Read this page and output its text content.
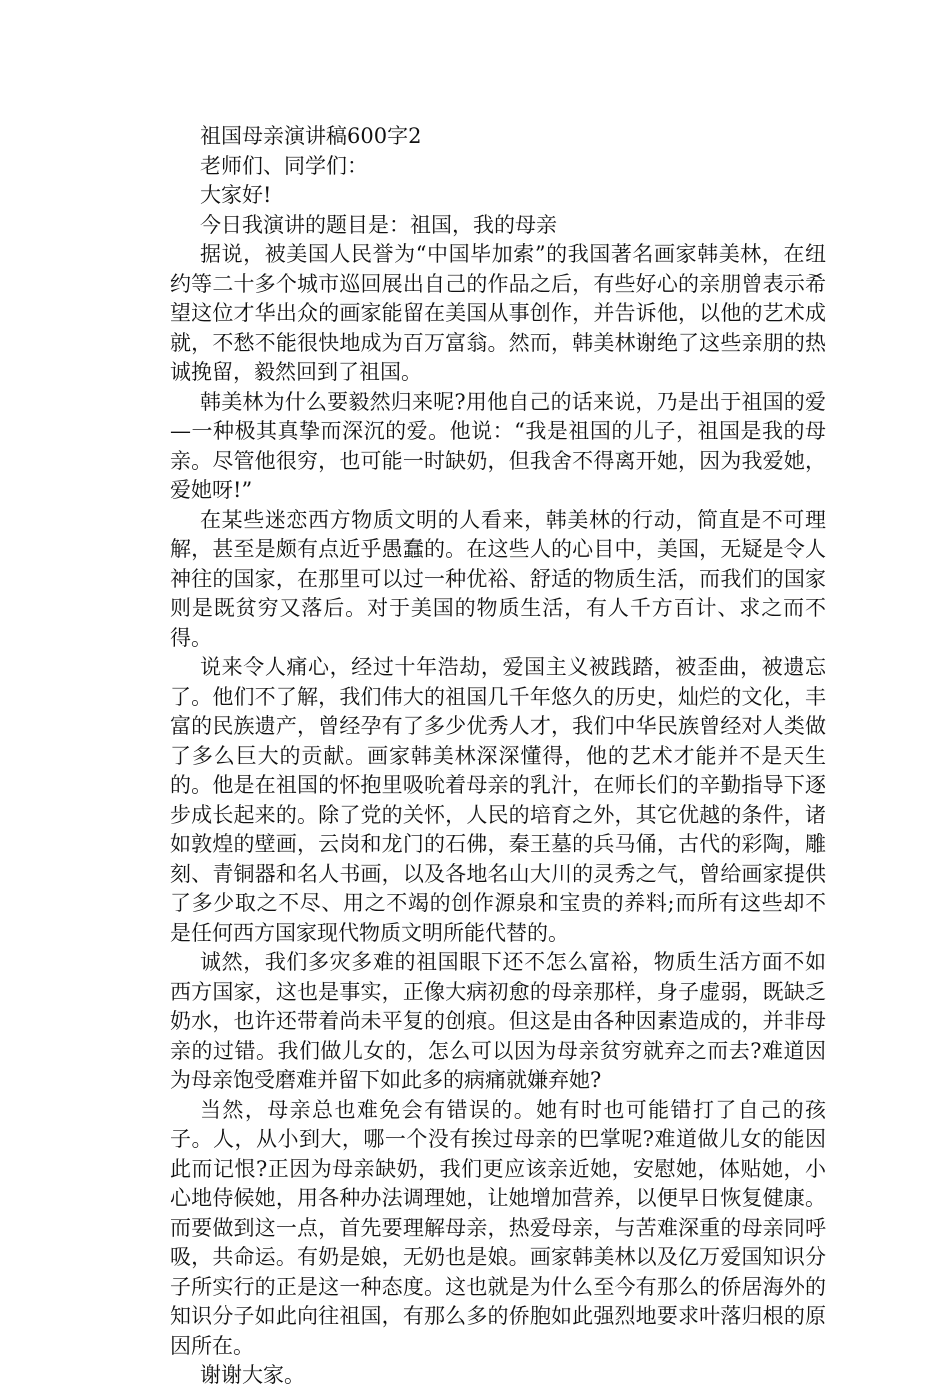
祖国母亲演讲稿600字2

老师们、同学们：

大家好!

今日我演讲的题目是：祖国，我的母亲

据说，被美国人民誉为“中国毕加索”的我国著名画家韩美林，在纽约等二十多个城市巡回展出自己的作品之后，有些好心的亲朋曾表示希望这位才华出众的画家能留在美国从事创作，并告诉他，以他的艺术成就，不愁不能很快地成为百万富翁。然而，韩美林谢绝了这些亲朋的热诚挽留，毅然回到了祖国。

韩美林为什么要毅然归来呢?用他自己的话来说，乃是出于祖国的爱—一种极其真挚而深沉的爱。他说：“我是祖国的儿子，祖国是我的母亲。尽管他很穷，也可能一时缺奶，但我舍不得离开她，因为我爱她，爱她呀!”

在某些迷恋西方物质文明的人看来，韩美林的行动，简直是不可理解，甚至是颇有点近乎愚蠢的。在这些人的心目中，美国，无疑是令人神往的国家，在那里可以过一种优裕、舒适的物质生活，而我们的国家则是既贫穷又落后。对于美国的物质生活，有人千方百计、求之而不得。

说来令人痛心，经过十年浩劫，爱国主义被践踏，被歪曲，被遗忘了。他们不了解，我们伟大的祖国几千年悠久的历史，灿烂的文化，丰富的民族遗产，曾经孕有了多少优秀人才，我们中华民族曾经对人类做了多么巨大的贡献。画家韩美林深深懂得，他的艺术才能并不是天生的。他是在祖国的怀抱里吸吮着母亲的乳汁，在师长们的辛勤指导下逐步成长起来的。除了党的关怀，人民的培育之外，其它优越的条件，诸如敦煌的壁画，云岗和龙门的石佛，秦王墓的兵马俑，古代的彩陶，雕刻、青铜器和名人书画，以及各地名山大川的灵秀之气，曾给画家提供了多少取之不尽、用之不竭的创作源泉和宝贵的养料;而所有这些却不是任何西方国家现代物质文明所能代替的。

诚然，我们多灾多难的祖国眼下还不怎么富裕，物质生活方面不如西方国家，这也是事实，正像大病初愈的母亲那样，身子虚弱，既缺乏奶水，也许还带着尚未平复的创痕。但这是由各种因素造成的，并非母亲的过错。我们做儿女的，怎么可以因为母亲贫穷就弃之而去?难道因为母亲饱受磨难并留下如此多的病痛就嫌弃她?

当然，母亲总也难免会有错误的。她有时也可能错打了自己的孩子。人，从小到大，哪一个没有挨过母亲的巴掌呢?难道做儿女的能因此而记恨?正因为母亲缺奶，我们更应该亲近她，安慰她，体贴她，小心地侍候她，用各种办法调理她，让她增加营养，以便早日恢复健康。而要做到这一点，首先要理解母亲，热爱母亲，与苦难深重的母亲同呼吸，共命运。有奶是娘，无奶也是娘。画家韩美林以及亿万爱国知识分子所实行的正是这一种态度。这也就是为什么至今有那么的侨居海外的知识分子如此向往祖国，有那么多的侨胞如此强烈地要求叶落归根的原因所在。

谢谢大家。
